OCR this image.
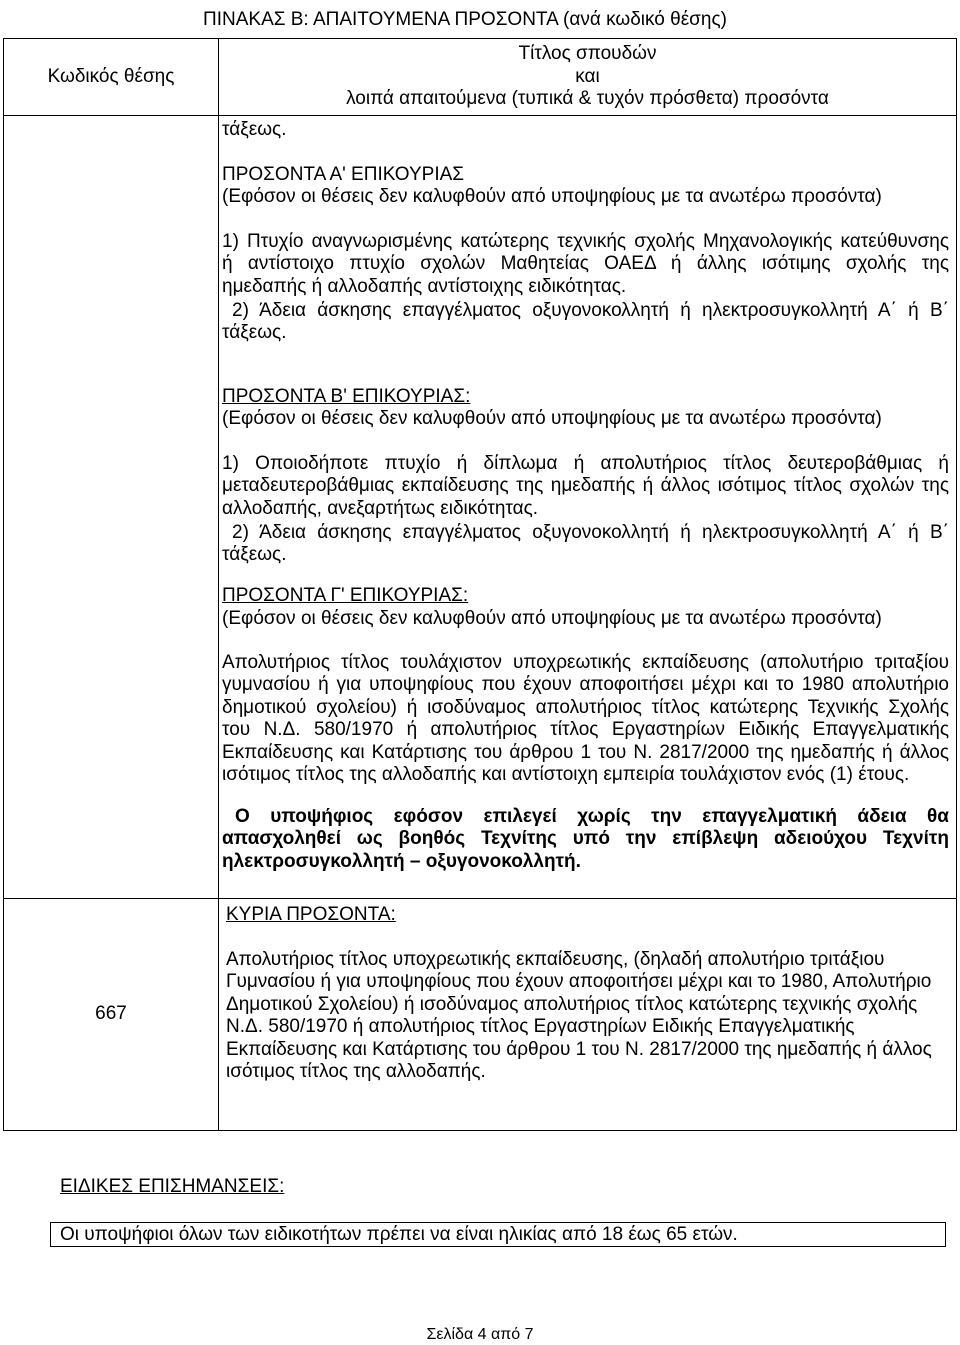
ΠΙΝΑΚΑΣ Β: ΑΠΑΙΤΟΥΜΕΝΑ ΠΡΟΣΟΝΤΑ (ανά κωδικό θέσης)
Κωδικός θέσης
Τίτλος σπουδών
και
λοιπά απαιτούμενα (τυπικά & τυχόν πρόσθετα) προσόντα
τάξεως.
ΠΡΟΣΟΝΤΑ Α' ΕΠΙΚΟΥΡΙΑΣ
(Εφόσον οι θέσεις δεν καλυφθούν από υποψηφίους με τα ανωτέρω προσόντα)
1) Πτυχίο αναγνωρισμένης κατώτερης τεχνικής σχολής Μηχανολογικής κατεύθυνσης
ή αντίστοιχο πτυχίο σχολών Μαθητείας ΟΑΕΔ ή άλλης ισότιμης σχολής της
ημεδαπής ή αλλοδαπής αντίστοιχης ειδικότητας.
2) Άδεια άσκησης επαγγέλματος οξυγονοκολλητή ή ηλεκτροσυγκολλητή Α΄ ή Β΄
τάξεως.
ΠΡΟΣΟΝΤΑ Β' ΕΠΙΚΟΥΡΙΑΣ:
(Εφόσον οι θέσεις δεν καλυφθούν από υποψηφίους με τα ανωτέρω προσόντα)
1) Οποιοδήποτε πτυχίο ή δίπλωμα ή απολυτήριος τίτλος δευτεροβάθμιας ή
μεταδευτεροβάθμιας εκπαίδευσης της ημεδαπής ή άλλος ισότιμος τίτλος σχολών της
αλλοδαπής, ανεξαρτήτως ειδικότητας.
2) Άδεια άσκησης επαγγέλματος οξυγονοκολλητή ή ηλεκτροσυγκολλητή Α΄ ή Β΄
τάξεως.
ΠΡΟΣΟΝΤΑ Γ' ΕΠΙΚΟΥΡΙΑΣ:
(Εφόσον οι θέσεις δεν καλυφθούν από υποψηφίους με τα ανωτέρω προσόντα)
Απολυτήριος τίτλος τουλάχιστον υποχρεωτικής εκπαίδευσης (απολυτήριο τριταξίου
γυμνασίου ή για υποψηφίους που έχουν αποφοιτήσει μέχρι και το 1980 απολυτήριο
δημοτικού σχολείου) ή ισοδύναμος απολυτήριος τίτλος κατώτερης Τεχνικής Σχολής
του Ν.Δ. 580/1970 ή απολυτήριος τίτλος Εργαστηρίων Ειδικής Επαγγελματικής
Εκπαίδευσης και Κατάρτισης του άρθρου 1 του Ν. 2817/2000 της ημεδαπής ή άλλος
ισότιμος τίτλος της αλλοδαπής και αντίστοιχη εμπειρία τουλάχιστον ενός (1) έτους.
Ο υποψήφιος εφόσον επιλεγεί χωρίς την επαγγελματική άδεια θα
απασχοληθεί ως βοηθός Τεχνίτης υπό την επίβλεψη αδειούχου Τεχνίτη
ηλεκτροσυγκολλητή – οξυγονοκολλητή.
667
ΚΥΡΙΑ ΠΡΟΣΟΝΤΑ:
Απολυτήριος τίτλος υποχρεωτικής εκπαίδευσης, (δηλαδή απολυτήριο τριτάξιου
Γυμνασίου ή για υποψηφίους που έχουν αποφοιτήσει μέχρι και το 1980, Απολυτήριο
Δημοτικού Σχολείου) ή ισοδύναμος απολυτήριος τίτλος κατώτερης τεχνικής σχολής
Ν.Δ. 580/1970 ή απολυτήριος τίτλος Εργαστηρίων Ειδικής Επαγγελματικής
Εκπαίδευσης και Κατάρτισης του άρθρου 1 του Ν. 2817/2000 της ημεδαπής ή άλλος
ισότιμος τίτλος της αλλοδαπής.
ΕΙΔΙΚΕΣ ΕΠΙΣΗΜΑΝΣΕΙΣ:
Οι υποψήφιοι όλων των ειδικοτήτων πρέπει να είναι ηλικίας από 18 έως 65 ετών.
Σελίδα 4 από 7
